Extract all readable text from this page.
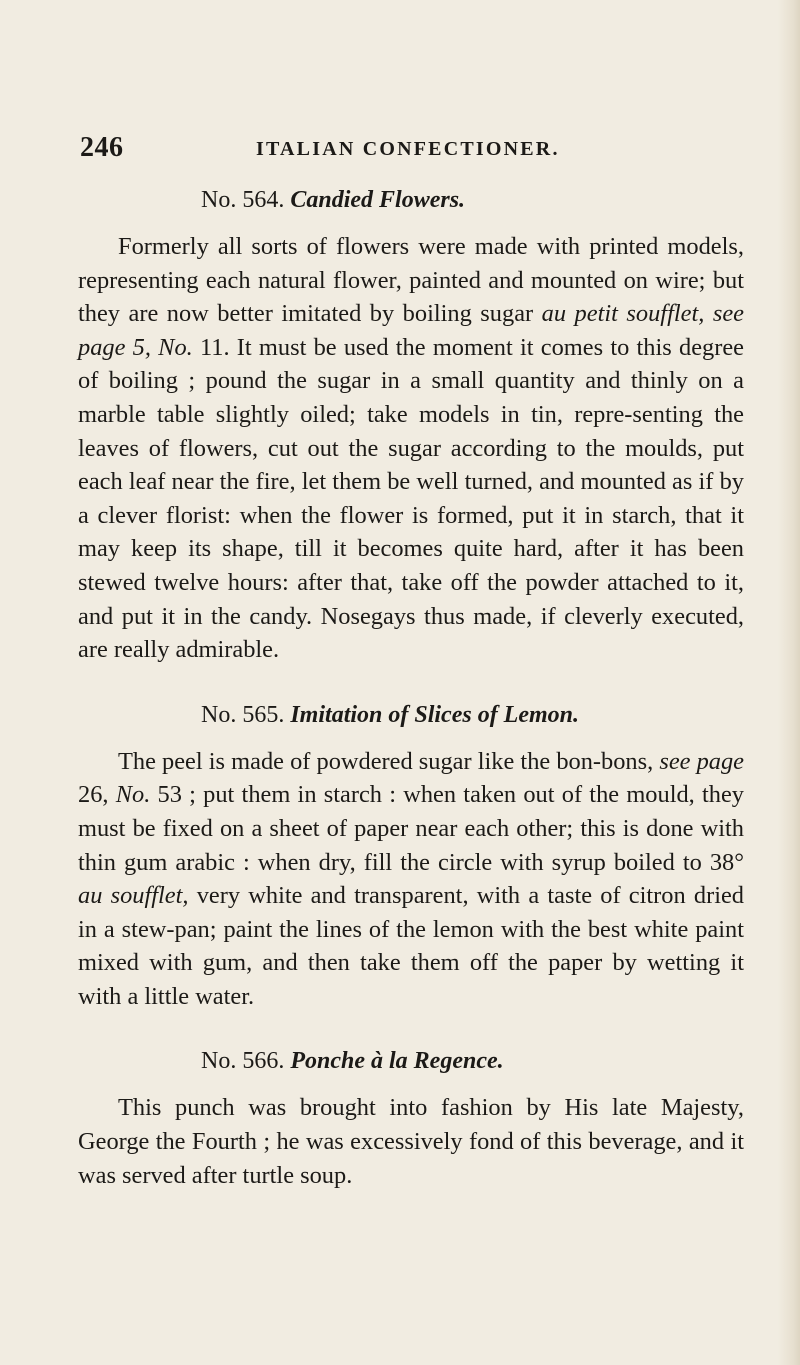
246	ITALIAN CONFECTIONER.
No. 564. Candied Flowers.

Formerly all sorts of flowers were made with printed models, representing each natural flower, painted and mounted on wire; but they are now better imitated by boiling sugar au petit soufflet, see page 5, No. 11. It must be used the moment it comes to this degree of boiling ; pound the sugar in a small quantity and thinly on a marble table slightly oiled; take models in tin, repre-senting the leaves of flowers, cut out the sugar according to the moulds, put each leaf near the fire, let them be well turned, and mounted as if by a clever florist: when the flower is formed, put it in starch, that it may keep its shape, till it becomes quite hard, after it has been stewed twelve hours: after that, take off the powder attached to it, and put it in the candy. Nosegays thus made, if cleverly executed, are really admirable.

No. 565. Imitation of Slices of Lemon.

The peel is made of powdered sugar like the bon-bons, see page 26, No. 53 ; put them in starch : when taken out of the mould, they must be fixed on a sheet of paper near each other; this is done with thin gum arabic : when dry, fill the circle with syrup boiled to 38° au soufflet, very white and transparent, with a taste of citron dried in a stew-pan; paint the lines of the lemon with the best white paint mixed with gum, and then take them off the paper by wetting it with a little water.

No. 566. Ponche à la Regence.

This punch was brought into fashion by His late Majesty, George the Fourth ; he was excessively fond of this beverage, and it was served after turtle soup.
